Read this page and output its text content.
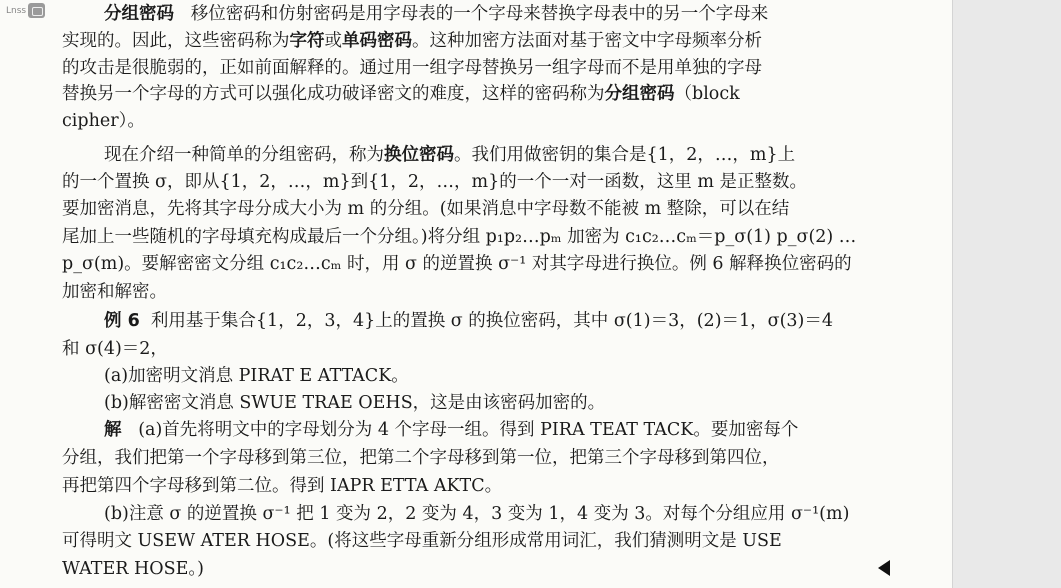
Lnss	分组密码 移位密码和仿射密码是用字母表的一个字母来替换字母表中的另一个字母来
实现的。因此，这些密码称为字符或单码密码。这种加密方法面对基于密文中字母频率分析
的攻击是很脆弱的，正如前面解释的。通过用一组字母替换另一组字母而不是用单独的字母
替换另一个字母的方式可以强化成功破译密文的难度，这样的密码称为分组密码（block
cipher）。
现在介绍一种简单的分组密码，称为换位密码。我们用做密钥的集合是{1，2，…，m}上
的一个置换 σ，即从{1，2，…，m}到{1，2，…，m}的一个一对一函数，这里 m 是正整数。
要加密消息，先将其字母分成大小为 m 的分组。(如果消息中字母数不能被 m 整除，可以在结
尾加上一些随机的字母填充构成最后一个分组。)将分组 p₁p₂…pₘ 加密为 c₁c₂…cₘ＝p_σ(1) p_σ(2) …
p_σ(m)。要解密密文分组 c₁c₂…cₘ 时，用 σ 的逆置换 σ⁻¹ 对其字母进行换位。例 6 解释换位密码的
加密和解密。
例 6 利用基于集合{1，2，3，4}上的置换 σ 的换位密码，其中 σ(1)＝3，(2)＝1，σ(3)＝4
和 σ(4)＝2，
(a)加密明文消息 PIRAT E ATTACK。
(b)解密密文消息 SWUE TRAE OEHS，这是由该密码加密的。
解 (a)首先将明文中的字母划分为 4 个字母一组。得到 PIRA TEAT TACK。要加密每个
分组，我们把第一个字母移到第三位，把第二个字母移到第一位，把第三个字母移到第四位，
再把第四个字母移到第二位。得到 IAPR ETTA AKTC。
(b)注意 σ 的逆置换 σ⁻¹ 把 1 变为 2，2 变为 4，3 变为 1，4 变为 3。对每个分组应用 σ⁻¹(m)
可得明文 USEW ATER HOSE。(将这些字母重新分组形成常用词汇，我们猜测明文是 USE
WATER HOSE。)
